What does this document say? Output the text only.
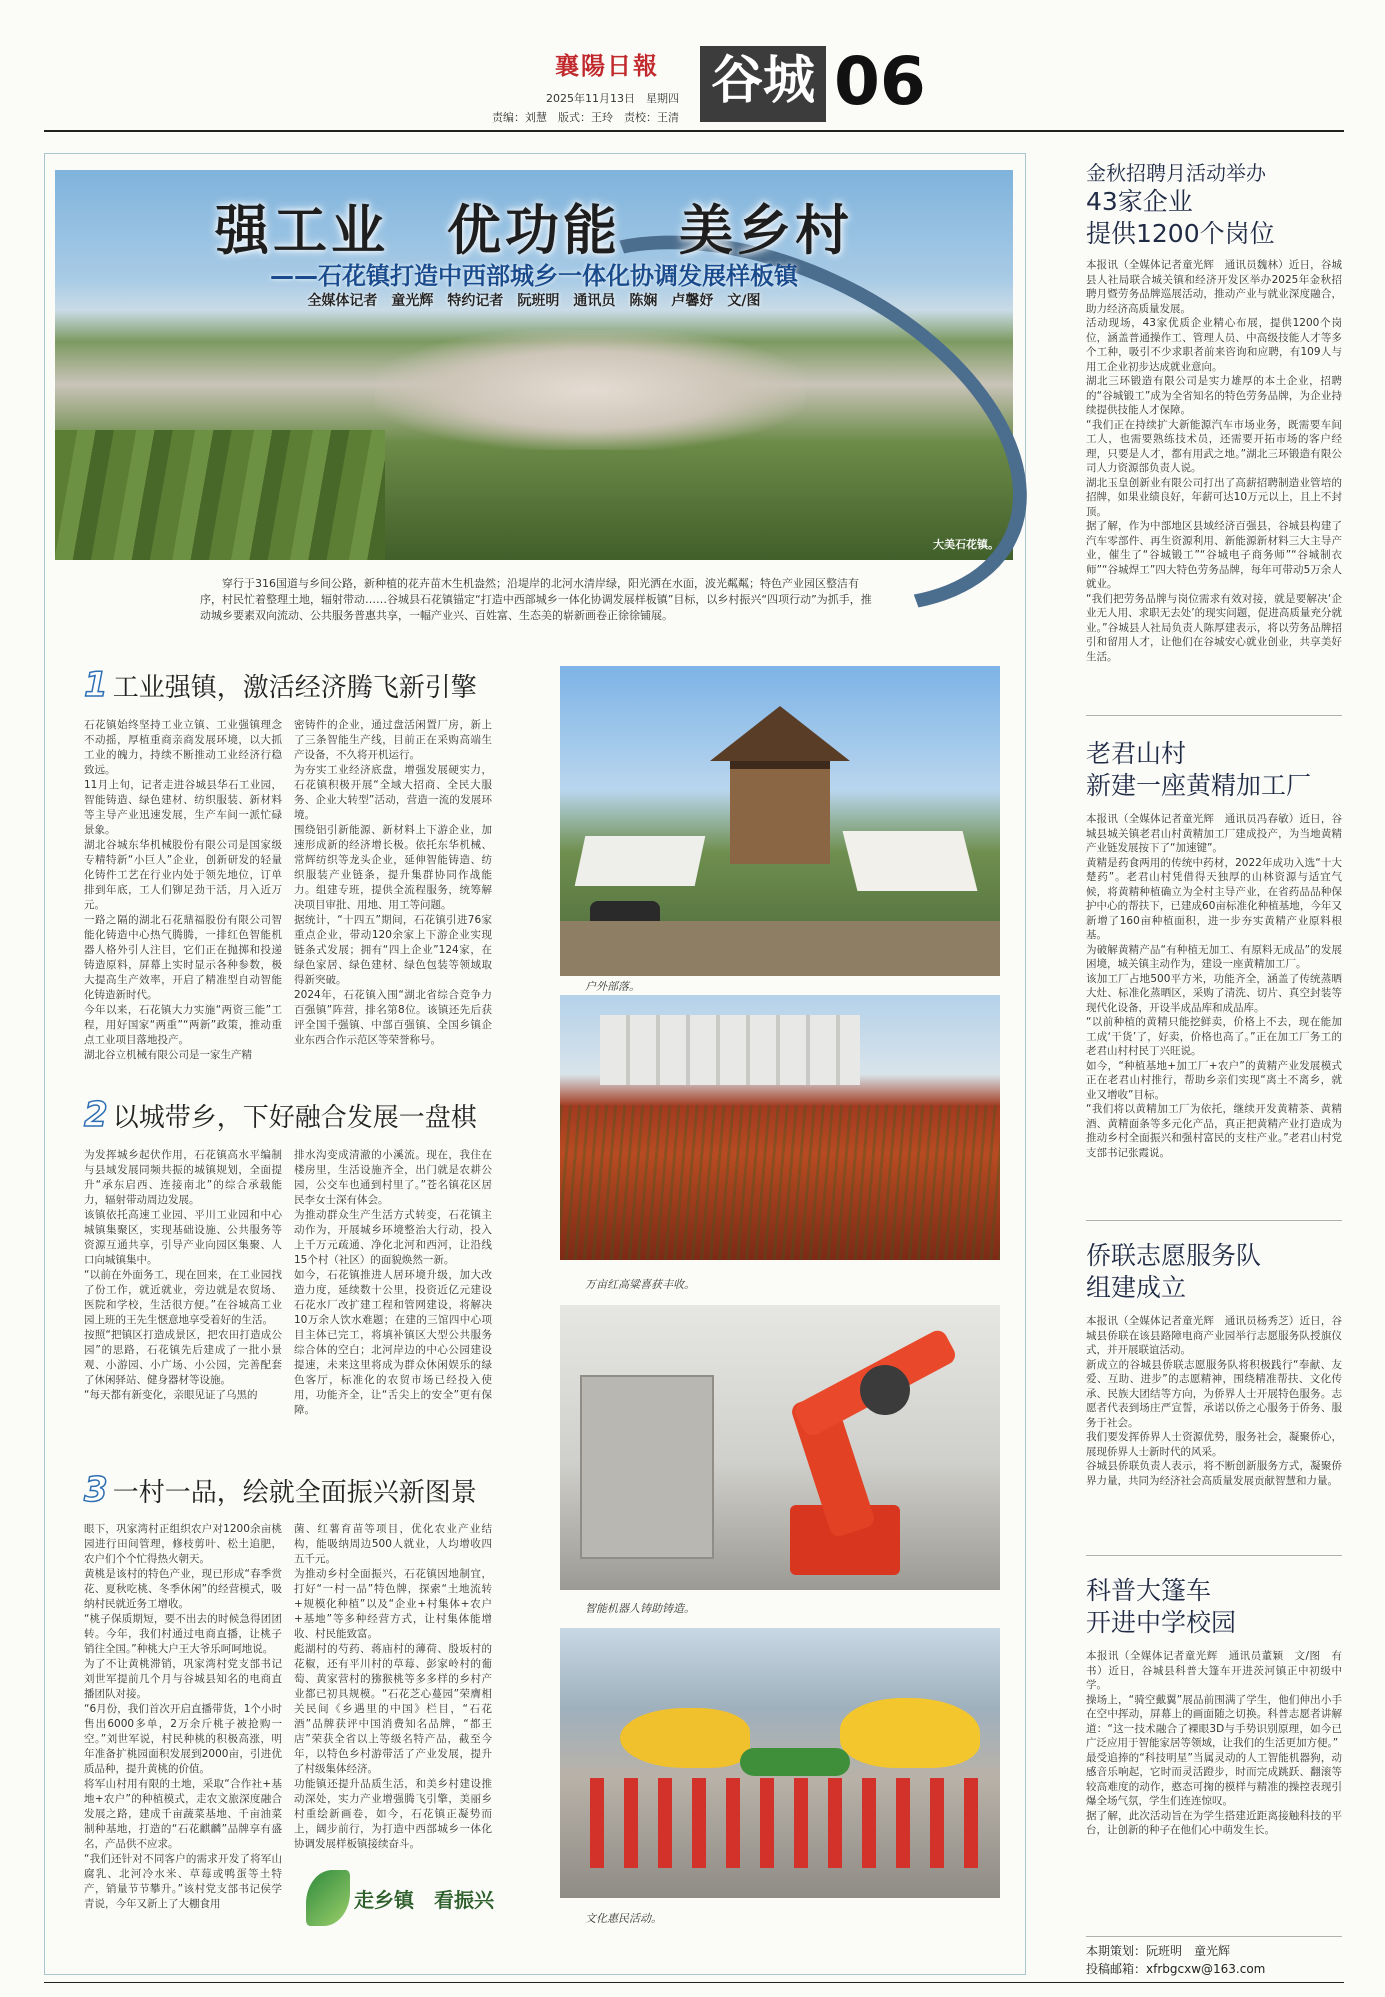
襄陽日報
2025年11月13日　星期四
责编：刘慧　版式：王玲　责校：王清
谷城 06
强工业　优功能　美乡村
——石花镇打造中西部城乡一体化协调发展样板镇
全媒体记者　童光辉　特约记者　阮班明　通讯员　陈娴　卢馨妤　文/图
大美石花镇。

穿行于316国道与乡间公路，新种植的花卉苗木生机盎然；沿堤岸的北河水清岸绿，阳光洒在水面，波光粼粼；特色产业园区整洁有序，村民忙着整理土地，辐射带动……谷城县石花镇锚定“打造中西部城乡一体化协调发展样板镇”目标，以乡村振兴“四项行动”为抓手，推动城乡要素双向流动、公共服务普惠共享，一幅产业兴、百姓富、生态美的崭新画卷正徐徐铺展。

1 工业强镇，激活经济腾飞新引擎

石花镇始终坚持工业立镇、工业强镇理念不动摇，厚植重商亲商发展环境，以大抓工业的魄力，持续不断推动工业经济行稳致远。
11月上旬，记者走进谷城县华石工业园，智能铸造、绿色建材、纺织服装、新材料等主导产业迅速发展，生产车间一派忙碌景象。
湖北谷城东华机械股份有限公司是国家级专精特新“小巨人”企业，创新研发的轻量化铸件工艺在行业内处于领先地位，订单排到年底，工人们铆足劲干活，月入近万元。
一路之隔的湖北石花鼎福股份有限公司智能化铸造中心热气腾腾，一排红色智能机器人格外引人注目，它们正在抛掷和投递铸造原料，屏幕上实时显示各种参数，极大提高生产效率，开启了精准型自动智能化铸造新时代。
今年以来，石花镇大力实施“两资三能”工程，用好国家“两重”“两新”政策，推动重点工业项目落地投产。
湖北谷立机械有限公司是一家生产精

密铸件的企业，通过盘活闲置厂房，新上了三条智能生产线，目前正在采购高端生产设备，不久将开机运行。
为夯实工业经济底盘，增强发展硬实力，石花镇积极开展“全域大招商、全民大服务、企业大转型”活动，营造一流的发展环境。
围绕铝引新能源、新材料上下游企业，加速形成新的经济增长极。依托东华机械、常辉纺织等龙头企业，延伸智能铸造、纺织服装产业链条，提升集群协同作战能力。组建专班，提供全流程服务，统筹解决项目审批、用地、用工等问题。
据统计，“十四五”期间，石花镇引进76家重点企业，带动120余家上下游企业实现链条式发展；拥有“四上企业”124家，在绿色家居、绿色建材、绿色包装等领域取得新突破。
2024年，石花镇入围“湖北省综合竞争力百强镇”阵营，排名第8位。该镇还先后获评全国千强镇、中部百强镇、全国乡镇企业东西合作示范区等荣誉称号。

2 以城带乡，下好融合发展一盘棋

为发挥城乡起伏作用，石花镇高水平编制与县域发展同频共振的城镇规划，全面提升“承东启西、连接南北”的综合承载能力，辐射带动周边发展。
该镇依托高速工业园、平川工业园和中心城镇集聚区，实现基础设施、公共服务等资源互通共享，引导产业向园区集聚、人口向城镇集中。
“以前在外面务工，现在回来，在工业园找了份工作，就近就业，旁边就是农贸场、医院和学校，生活很方便。”在谷城高工业园上班的王先生惬意地享受着好的生活。
按照“把镇区打造成景区，把农田打造成公园”的思路，石花镇先后建成了一批小景观、小游园、小广场、小公园，完善配套了休闲驿站、健身器材等设施。
“每天都有新变化，亲眼见证了乌黑的

排水沟变成清澈的小溪流。现在，我住在楼房里，生活设施齐全，出门就是农耕公园，公交车也通到村里了。”苍名镇花区居民李女士深有体会。
为推动群众生产生活方式转变，石花镇主动作为，开展城乡环境整治大行动，投入上千万元疏通、净化北河和西河，让沿线15个村（社区）的面貌焕然一新。
如今，石花镇推进人居环境升级，加大改造力度，延续数十公里，投资近亿元建设石花水厂改扩建工程和管网建设，将解决10万余人饮水难题；在建的三馆四中心项目主体已完工，将填补镇区大型公共服务综合体的空白；北河岸边的中心公园建设提速，未来这里将成为群众休闲娱乐的绿色客厅，标准化的农贸市场已经投入使用，功能齐全，让“舌尖上的安全”更有保障。

3 一村一品，绘就全面振兴新图景

眼下，巩家湾村正组织农户对1200余亩桃园进行田间管理，修枝剪叶、松土追肥，农户们个个忙得热火朝天。
黄桃是该村的特色产业，现已形成“春季赏花、夏秋吃桃、冬季休闲”的经营模式，吸纳村民就近务工增收。
“桃子保质期短，要不出去的时候急得团团转。今年，我们村通过电商直播，让桃子销往全国。”种桃大户王大爷乐呵呵地说。
为了不让黄桃滞销，巩家湾村党支部书记刘世军提前几个月与谷城县知名的电商直播团队对接。
“6月份，我们首次开启直播带货，1个小时售出6000多单，2万余斤桃子被抢购一空。”刘世军说，村民种桃的积极高涨，明年准备扩桃园面积发展到2000亩，引进优质品种，提升黄桃的价值。
将军山村用有限的土地，采取“合作社+基地+农户”的种植模式，走农文旅深度融合发展之路，建成千亩蔬菜基地、千亩油菜制种基地，打造的“石花麒麟”品牌享有盛名，产品供不应求。
“我们还针对不同客户的需求开发了将军山腐乳、北河冷水米、草莓或鸭蛋等土特产，销量节节攀升。”该村党支部书记侯学青说，今年又新上了大棚食用

菌、红薯育苗等项目，优化农业产业结构，能吸纳周边500人就业，人均增收四五千元。
为推动乡村全面振兴，石花镇因地制宜，打好“一村一品”特色牌，探索“土地流转+规模化种植”以及“企业+村集体+农户+基地”等多种经营方式，让村集体能增收、村民能致富。
彪湖村的芍药、蒋庙村的薄荷、殷坂村的花椒，还有平川村的草莓、彭家岭村的葡萄、黄家营村的猕猴桃等多多样的乡村产业都已初具规模。“石花芝心蔓园”荣膺相关民间《乡遇里的中国》栏目，“石花酒”品牌获评中国消费知名品牌，“都王店”荣获全省以上等级名特产品，截至今年，以特色乡村游带活了产业发展，提升了村级集体经济。
功能镇还提升品质生活，和美乡村建设推动深处，实力产业增强腾飞引擎，美丽乡村重绘新画卷，如今，石花镇正凝势而上，阔步前行，为打造中西部城乡一体化协调发展样板镇接续奋斗。

走乡镇　看振兴
户外部落。
万亩红高粱喜获丰收。
智能机器人铸助铸造。
文化惠民活动。
金秋招聘月活动举办
43家企业
提供1200个岗位

本报讯（全媒体记者童光辉　通讯员魏林）近日，谷城县人社局联合城关镇和经济开发区举办2025年金秋招聘月暨劳务品牌巡展活动，推动产业与就业深度融合，助力经济高质量发展。
活动现场，43家优质企业精心布展，提供1200个岗位，涵盖普通操作工、管理人员、中高级技能人才等多个工种，吸引不少求职者前来咨询和应聘，有109人与用工企业初步达成就业意向。
湖北三环锻造有限公司是实力雄厚的本土企业，招聘的“谷城锻工”成为全省知名的特色劳务品牌，为企业持续提供技能人才保障。
“我们正在持续扩大新能源汽车市场业务，既需要车间工人，也需要熟练技术员，还需要开拓市场的客户经理，只要是人才，都有用武之地。”湖北三环锻造有限公司人力资源部负责人说。
湖北玉皇创新业有限公司打出了高薪招聘制造业管培的招牌，如果业绩良好，年薪可达10万元以上，且上不封顶。
据了解，作为中部地区县域经济百强县，谷城县构建了汽车零部件、再生资源利用、新能源新材料三大主导产业，催生了“谷城锻工”“谷城电子商务师”“谷城制衣师”“谷城焊工”四大特色劳务品牌，每年可带动5万余人就业。
“我们把劳务品牌与岗位需求有效对接，就是要解决‘企业无人用、求职无去处’的现实问题，促进高质量充分就业。”谷城县人社局负责人陈厚建表示，将以劳务品牌招引和留用人才，让他们在谷城安心就业创业，共享美好生活。

老君山村
新建一座黄精加工厂

本报讯（全媒体记者童光辉　通讯员冯春敏）近日，谷城县城关镇老君山村黄精加工厂建成投产，为当地黄精产业链发展按下了“加速键”。
黄精是药食两用的传统中药材，2022年成功入选“十大楚药”。老君山村凭借得天独厚的山林资源与适宜气候，将黄精种植确立为全村主导产业，在省药品品种保护中心的帮扶下，已建成60亩标准化种植基地，今年又新增了160亩种植面积，进一步夯实黄精产业原料根基。
为破解黄精产品“有种植无加工、有原料无成品”的发展困境，城关镇主动作为，建设一座黄精加工厂。
该加工厂占地500平方米，功能齐全，涵盖了传统蒸晒大灶、标准化蒸晒区，采购了清洗、切片、真空封装等现代化设备，开设半成品库和成品库。
“以前种植的黄精只能挖鲜卖，价格上不去，现在能加工成‘干货’了，好卖，价格也高了。”正在加工厂务工的老君山村村民丁兴旺说。
如今，“种植基地+加工厂+农户”的黄精产业发展模式正在老君山村推行，帮助乡亲们实现“离土不离乡，就业又增收”目标。
“我们将以黄精加工厂为依托，继续开发黄精茶、黄精酒、黄精面条等多元化产品，真正把黄精产业打造成为推动乡村全面振兴和强村富民的支柱产业。”老君山村党支部书记张霞说。

侨联志愿服务队
组建成立

本报讯（全媒体记者童光辉　通讯员杨秀芝）近日，谷城县侨联在该县路障电商产业园举行志愿服务队授旗仪式，并开展联谊活动。
新成立的谷城县侨联志愿服务队将积极践行“奉献、友爱、互助、进步”的志愿精神，围绕精准帮扶、文化传承、民族大团结等方向，为侨界人士开展特色服务。志愿者代表到场庄严宣誓，承诺以侨之心服务于侨务、服务于社会。
我们要发挥侨界人士资源优势，服务社会，凝聚侨心，展现侨界人士新时代的风采。
谷城县侨联负责人表示，将不断创新服务方式，凝聚侨界力量，共同为经济社会高质量发展贡献智慧和力量。

科普大篷车
开进中学校园

本报讯（全媒体记者童光辉　通讯员董颖　文/图　有书）近日，谷城县科普大篷车开进茨河镇正中初级中学。
操场上，“骑空戴翼”展品前围满了学生，他们伸出小手在空中挥动，屏幕上的画面随之切换。科普志愿者讲解道：“这一技术融合了裸眼3D与手势识别原理，如今已广泛应用于智能家居等领域，让我们的生活更加方便。”
最受追捧的“科技明星”当属灵动的人工智能机器狗，动感音乐响起，它时而灵活蹬步，时而完成跳跃、翻滚等较高难度的动作，憨态可掬的模样与精准的操控表现引爆全场气氛，学生们连连惊叹。
据了解，此次活动旨在为学生搭建近距离接触科技的平台，让创新的种子在他们心中萌发生长。

本期策划：阮班明　童光辉
投稿邮箱：xfrbgcxw@163.com
